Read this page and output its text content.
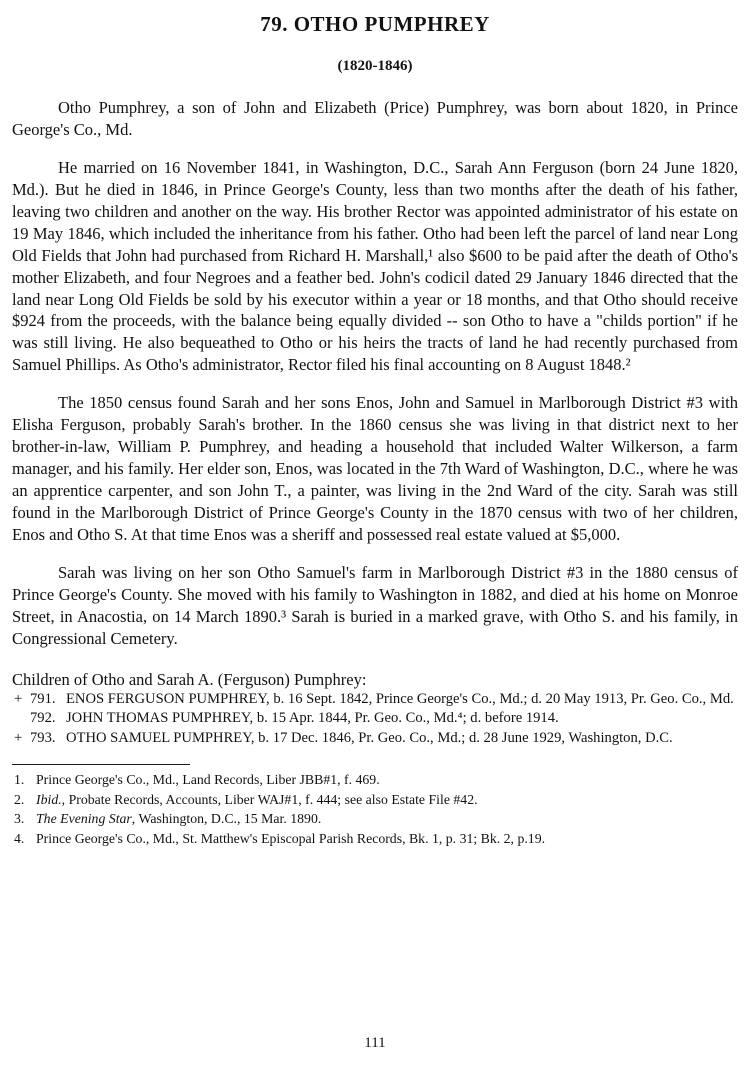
79. OTHO PUMPHREY
(1820-1846)

Otho Pumphrey, a son of John and Elizabeth (Price) Pumphrey, was born about 1820, in Prince George's Co., Md.

He married on 16 November 1841, in Washington, D.C., Sarah Ann Ferguson (born 24 June 1820, Md.). But he died in 1846, in Prince George's County, less than two months after the death of his father, leaving two children and another on the way. His brother Rector was appointed administrator of his estate on 19 May 1846, which included the inheritance from his father. Otho had been left the parcel of land near Long Old Fields that John had purchased from Richard H. Marshall,¹ also $600 to be paid after the death of Otho's mother Elizabeth, and four Negroes and a feather bed. John's codicil dated 29 January 1846 directed that the land near Long Old Fields be sold by his executor within a year or 18 months, and that Otho should receive $924 from the proceeds, with the balance being equally divided -- son Otho to have a "childs portion" if he was still living. He also bequeathed to Otho or his heirs the tracts of land he had recently purchased from Samuel Phillips. As Otho's administrator, Rector filed his final accounting on 8 August 1848.²

The 1850 census found Sarah and her sons Enos, John and Samuel in Marlborough District #3 with Elisha Ferguson, probably Sarah's brother. In the 1860 census she was living in that district next to her brother-in-law, William P. Pumphrey, and heading a household that included Walter Wilkerson, a farm manager, and his family. Her elder son, Enos, was located in the 7th Ward of Washington, D.C., where he was an apprentice carpenter, and son John T., a painter, was living in the 2nd Ward of the city. Sarah was still found in the Marlborough District of Prince George's County in the 1870 census with two of her children, Enos and Otho S. At that time Enos was a sheriff and possessed real estate valued at $5,000.

Sarah was living on her son Otho Samuel's farm in Marlborough District #3 in the 1880 census of Prince George's County. She moved with his family to Washington in 1882, and died at his home on Monroe Street, in Anacostia, on 14 March 1890.³ Sarah is buried in a marked grave, with Otho S. and his family, in Congressional Cemetery.

Children of Otho and Sarah A. (Ferguson) Pumphrey:

+ 791. ENOS FERGUSON PUMPHREY, b. 16 Sept. 1842, Prince George's Co., Md.; d. 20 May 1913, Pr. Geo. Co., Md.
792. JOHN THOMAS PUMPHREY, b. 15 Apr. 1844, Pr. Geo. Co., Md.⁴; d. before 1914.
+ 793. OTHO SAMUEL PUMPHREY, b. 17 Dec. 1846, Pr. Geo. Co., Md.; d. 28 June 1929, Washington, D.C.
1. Prince George's Co., Md., Land Records, Liber JBB#1, f. 469.
2. Ibid., Probate Records, Accounts, Liber WAJ#1, f. 444; see also Estate File #42.
3. The Evening Star, Washington, D.C., 15 Mar. 1890.
4. Prince George's Co., Md., St. Matthew's Episcopal Parish Records, Bk. 1, p. 31; Bk. 2, p.19.
111
